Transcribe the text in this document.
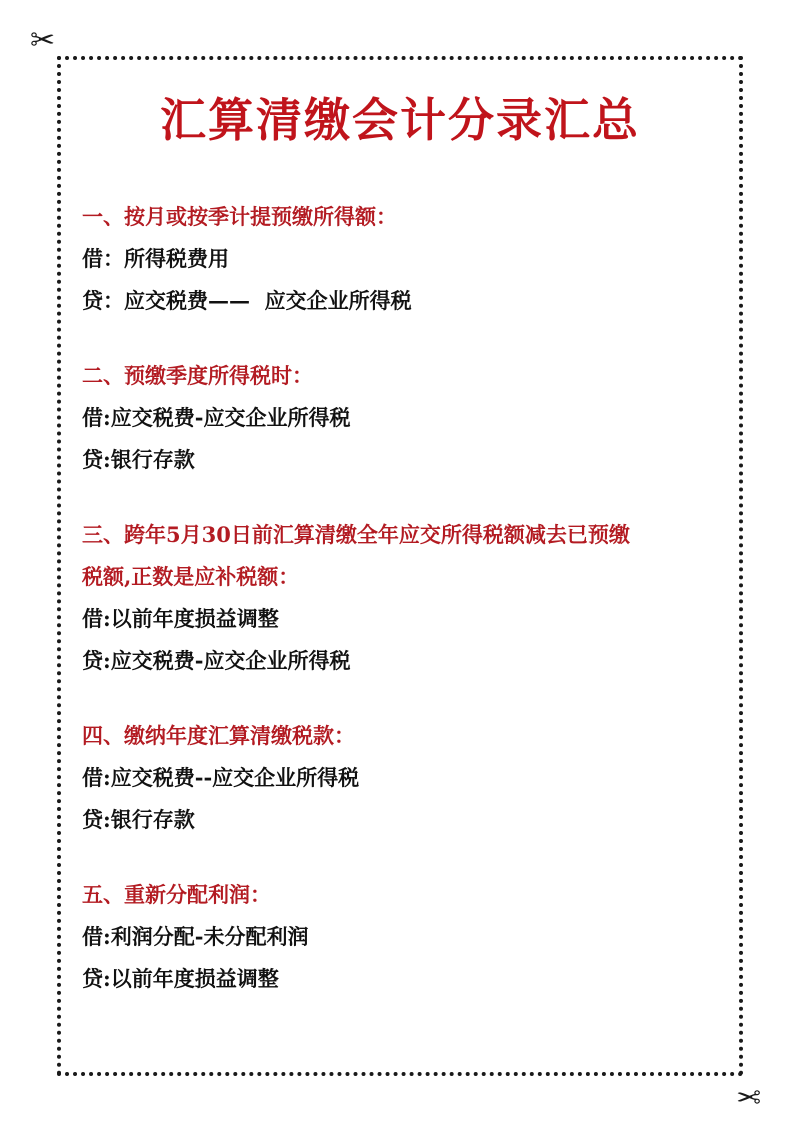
✂
✂
汇算清缴会计分录汇总
一、按月或按季计提预缴所得额：
借：所得税费用
贷：应交税费——  应交企业所得税
二、预缴季度所得税时：
借:应交税费-应交企业所得税
贷:银行存款
三、跨年5月30日前汇算清缴全年应交所得税额减去已预缴
税额,正数是应补税额：
借:以前年度损益调整
贷:应交税费-应交企业所得税
四、缴纳年度汇算清缴税款：
借:应交税费--应交企业所得税
贷:银行存款
五、重新分配利润：
借:利润分配-未分配利润
贷:以前年度损益调整
